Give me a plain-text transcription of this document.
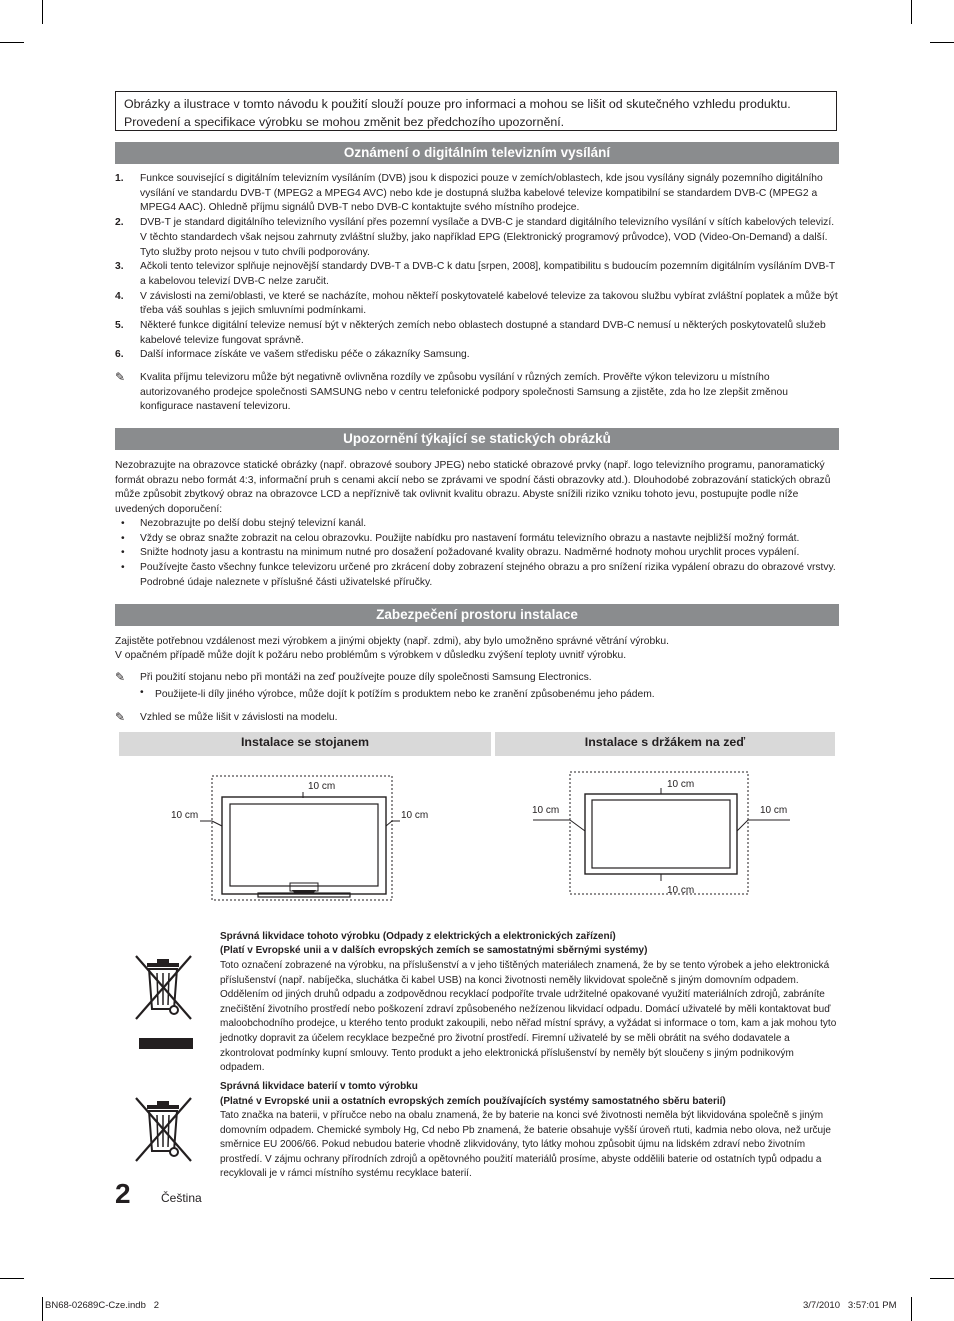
Obrázky a ilustrace v tomto návodu k použití slouží pouze pro informaci a mohou se lišit od skutečného vzhledu produktu.
Provedení a specifikace výrobku se mohou změnit bez předchozího upozornění.
Oznámení o digitálním televizním vysílání
1. Funkce související s digitálním televizním vysíláním (DVB) jsou k dispozici pouze v zemích/oblastech, kde jsou vysílány signály pozemního digitálního vysílání ve standardu DVB-T (MPEG2 a MPEG4 AVC) nebo kde je dostupná služba kabelové televize kompatibilní se standardem DVB-C (MPEG2 a MPEG4 AAC). Ohledně příjmu signálů DVB-T nebo DVB-C kontaktujte svého místního prodejce.
2. DVB-T je standard digitálního televizního vysílání přes pozemní vysílače a DVB-C je standard digitálního televizního vysílání v sítích kabelových televizí. V těchto standardech však nejsou zahrnuty zvláštní služby, jako například EPG (Elektronický programový průvodce), VOD (Video-On-Demand) a další. Tyto služby proto nejsou v tuto chvíli podporovány.
3. Ačkoli tento televizor splňuje nejnovější standardy DVB-T a DVB-C k datu [srpen, 2008], kompatibilitu s budoucím pozemním digitálním vysíláním DVB-T a kabelovou televizí DVB-C nelze zaručit.
4. V závislosti na zemi/oblasti, ve které se nacházíte, mohou někteří poskytovatelé kabelové televize za takovou službu vybírat zvláštní poplatek a může být třeba váš souhlas s jejich smluvními podmínkami.
5. Některé funkce digitální televize nemusí být v některých zemích nebo oblastech dostupné a standard DVB-C nemusí u některých poskytovatelů služeb kabelové televize fungovat správně.
6. Další informace získáte ve vašem středisku péče o zákazníky Samsung.
✎ Kvalita příjmu televizoru může být negativně ovlivněna rozdíly ve způsobu vysílání v různých zemích. Prověřte výkon televizoru u místního autorizovaného prodejce společnosti SAMSUNG nebo v centru telefonické podpory společnosti Samsung a zjistěte, zda ho lze zlepšit změnou konfigurace nastavení televizoru.
Upozornění týkající se statických obrázků
Nezobrazujte na obrazovce statické obrázky (např. obrazové soubory JPEG) nebo statické obrazové prvky (např. logo televizního programu, panoramatický formát obrazu nebo formát 4:3, informační pruh s cenami akcií nebo se zprávami ve spodní části obrazovky atd.). Dlouhodobé zobrazování statických obrazů může způsobit zbytkový obraz na obrazovce LCD a nepříznivě tak ovlivnit kvalitu obrazu. Abyste snížili riziko vzniku tohoto jevu, postupujte podle níže uvedených doporučení:
• Nezobrazujte po delší dobu stejný televizní kanál.
• Vždy se obraz snažte zobrazit na celou obrazovku. Použijte nabídku pro nastavení formátu televizního obrazu a nastavte nejbližší možný formát.
• Snižte hodnoty jasu a kontrastu na minimum nutné pro dosažení požadované kvality obrazu. Nadměrné hodnoty mohou urychlit proces vypálení.
• Používejte často všechny funkce televizoru určené pro zkrácení doby zobrazení stejného obrazu a pro snížení rizika vypálení obrazu do obrazové vrstvy. Podrobné údaje naleznete v příslušné části uživatelské příručky.
Zabezpečení prostoru instalace
Zajistěte potřebnou vzdálenost mezi výrobkem a jinými objekty (např. zdmi), aby bylo umožněno správné větrání výrobku.
V opačném případě může dojít k požáru nebo problémům s výrobkem v důsledku zvýšení teploty uvnitř výrobku.
✎ Při použití stojanu nebo při montáži na zeď používejte pouze díly společnosti Samsung Electronics.
• Použijete-li díly jiného výrobce, může dojít k potížím s produktem nebo ke zranění způsobenému jeho pádem.
✎ Vzhled se může lišit v závislosti na modelu.
Instalace se stojanem	Instalace s držákem na zeď
10 cm
10 cm	10 cm
10 cm
10 cm
10 cm	10 cm
Správná likvidace tohoto výrobku (Odpady z elektrických a elektronických zařízení)
(Platí v Evropské unii a v dalších evropských zemích se samostatnými sběrnými systémy)
Toto označení zobrazené na výrobku, na příslušenství a v jeho tištěných materiálech znamená, že by se tento výrobek a jeho elektronická příslušenství (např. nabíječka, sluchátka či kabel USB) na konci životnosti neměly likvidovat společně s jiným domovním odpadem. Oddělením od jiných druhů odpadu a zodpovědnou recyklací podpoříte trvale udržitelné opakované využití materiálních zdrojů, zabráníte znečištění životního prostředí nebo poškození zdraví způsobeného nežízenou likvidací odpadu. Domácí uživatelé by měli kontaktovat buď maloobchodního prodejce, u kterého tento produkt zakoupili, nebo něřad místní správy, a vyžádat si informace o tom, kam a jak mohou tyto jednotky dopravit za účelem recyklace bezpečné pro životní prostředí. Firemní uživatelé by se měli obrátit na svého dodavatele a zkontrolovat podmínky kupní smlouvy. Tento produkt a jeho elektronická příslušenství by neměly být sloučeny s jiným podnikovým odpadem.
Správná likvidace baterií v tomto výrobku
(Platné v Evropské unii a ostatních evropských zemích používajících systémy samostatného sběru baterií)
Tato značka na baterii, v příručce nebo na obalu znamená, že by baterie na konci své životnosti neměla být likvidována společně s jiným domovním odpadem. Chemické symboly Hg, Cd nebo Pb znamená, že baterie obsahuje vyšší úroveň rtuti, kadmia nebo olova, než určuje směrnice EU 2006/66. Pokud nebudou baterie vhodně zlikvidovány, tyto látky mohou způsobit újmu na lidském zdraví nebo životním prostředí. V zájmu ochrany přírodních zdrojů a opětovného použití materiálů prosíme, abyste oddělili baterie od ostatních typů odpadu a recyklovali je v rámci místního systému recyklace baterií.
2	Čeština
BN68-02689C-Cze.indb   2	3/7/2010   3:57:01 PM
